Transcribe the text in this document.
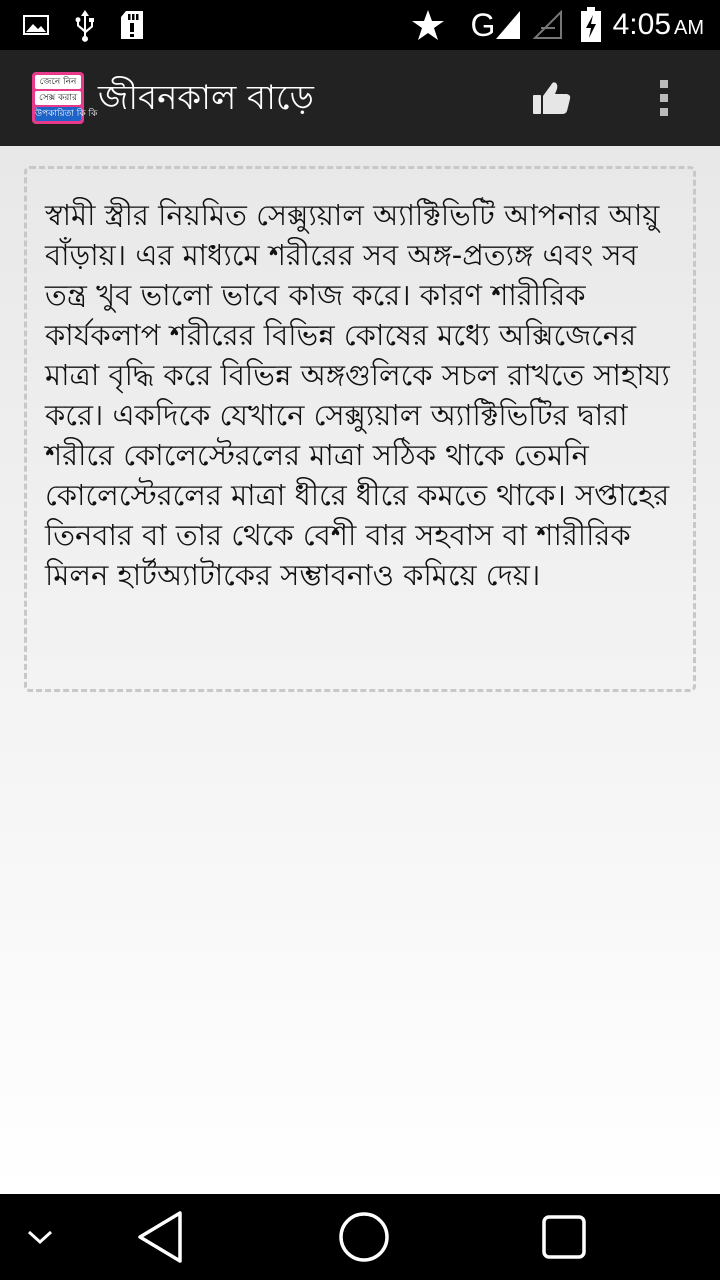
G	4:05 AM
জেনে নিন
সেক্স করার
উপকারিতা কি কি জীবনকাল বাড়ে

স্বামী স্ত্রীর নিয়মিত সেক্স্যুয়াল অ্যাক্টিভিটি আপনার আয়ু বাঁড়ায়। এর মাধ্যমে শরীরের সব অঙ্গ-প্রত্যঙ্গ এবং সব তন্ত্র খুব ভালো ভাবে কাজ করে। কারণ শারীরিক কার্যকলাপ শরীরের বিভিন্ন কোষের মধ্যে অক্সিজেনের মাত্রা বৃদ্ধি করে বিভিন্ন অঙ্গগুলিকে সচল রাখতে সাহায্য করে। একদিকে যেখানে সেক্স্যুয়াল অ্যাক্টিভিটির দ্বারা শরীরে কোলেস্টেরলের মাত্রা সঠিক থাকে তেমনি কোলেস্টেরলের মাত্রা ধীরে ধীরে কমতে থাকে। সপ্তাহের তিনবার বা তার থেকে বেশী বার সহবাস বা শারীরিক মিলন হার্টঅ্যাটাকের সম্ভাবনাও কমিয়ে দেয়।
